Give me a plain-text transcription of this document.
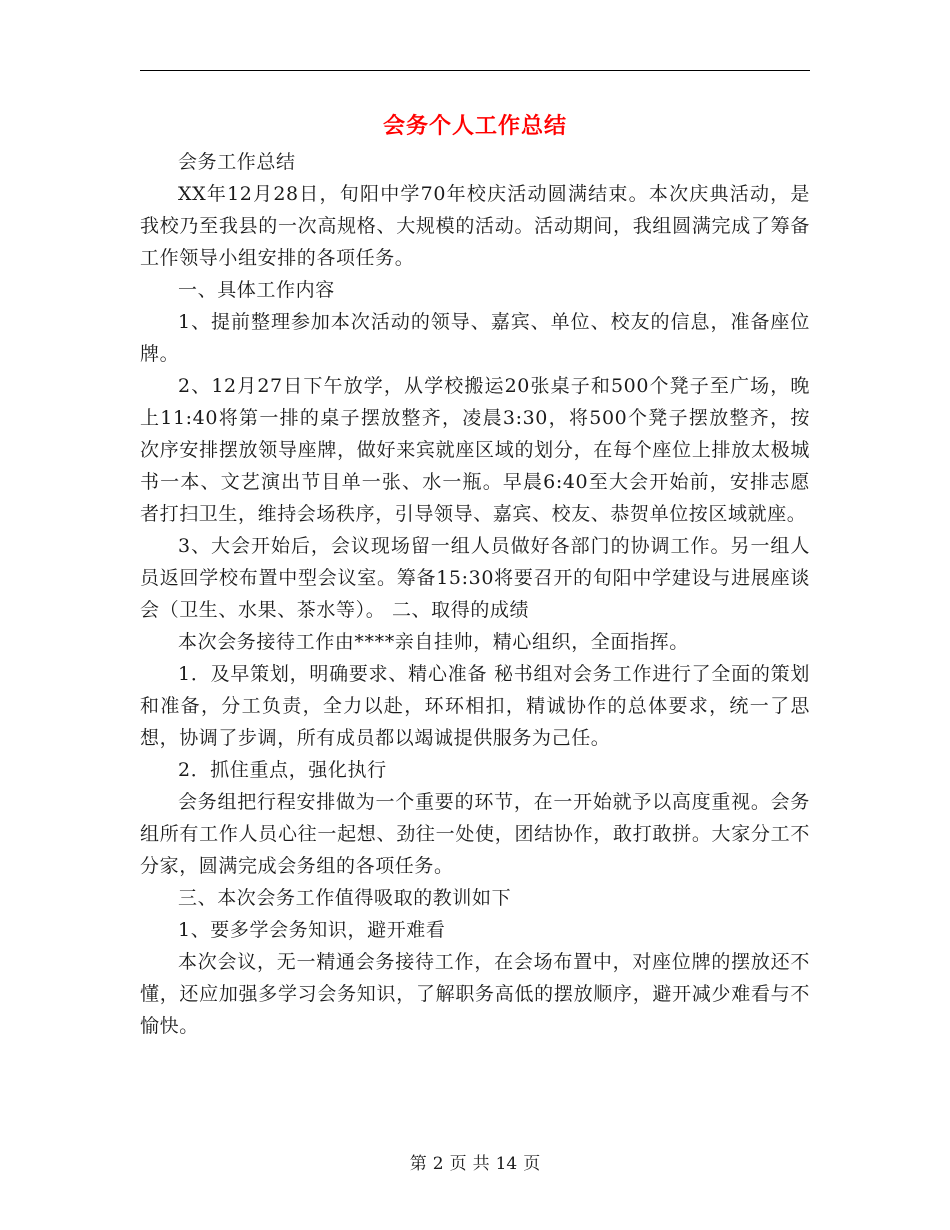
会务个人工作总结

会务工作总结

XX年12月28日，旬阳中学70年校庆活动圆满结束。本次庆典活动，是我校乃至我县的一次高规格、大规模的活动。活动期间，我组圆满完成了筹备工作领导小组安排的各项任务。

一、具体工作内容

1、提前整理参加本次活动的领导、嘉宾、单位、校友的信息，准备座位牌。

2、12月27日下午放学，从学校搬运20张桌子和500个凳子至广场，晚上11:40将第一排的桌子摆放整齐，凌晨3:30，将500个凳子摆放整齐，按次序安排摆放领导座牌，做好来宾就座区域的划分，在每个座位上排放太极城书一本、文艺演出节目单一张、水一瓶。早晨6:40至大会开始前，安排志愿者打扫卫生，维持会场秩序，引导领导、嘉宾、校友、恭贺单位按区域就座。

3、大会开始后，会议现场留一组人员做好各部门的协调工作。另一组人员返回学校布置中型会议室。筹备15:30将要召开的旬阳中学建设与进展座谈会（卫生、水果、茶水等）。 二、取得的成绩

本次会务接待工作由****亲自挂帅，精心组织，全面指挥。

1．及早策划，明确要求、精心准备 秘书组对会务工作进行了全面的策划和准备，分工负责，全力以赴，环环相扣，精诚协作的总体要求，统一了思想，协调了步调，所有成员都以竭诚提供服务为己任。

2．抓住重点，强化执行

会务组把行程安排做为一个重要的环节，在一开始就予以高度重视。会务组所有工作人员心往一起想、劲往一处使，团结协作，敢打敢拼。大家分工不分家，圆满完成会务组的各项任务。

三、本次会务工作值得吸取的教训如下

1、要多学会务知识，避开难看

本次会议，无一精通会务接待工作，在会场布置中，对座位牌的摆放还不懂，还应加强多学习会务知识，了解职务高低的摆放顺序，避开减少难看与不愉快。

第 2 页 共 14 页
